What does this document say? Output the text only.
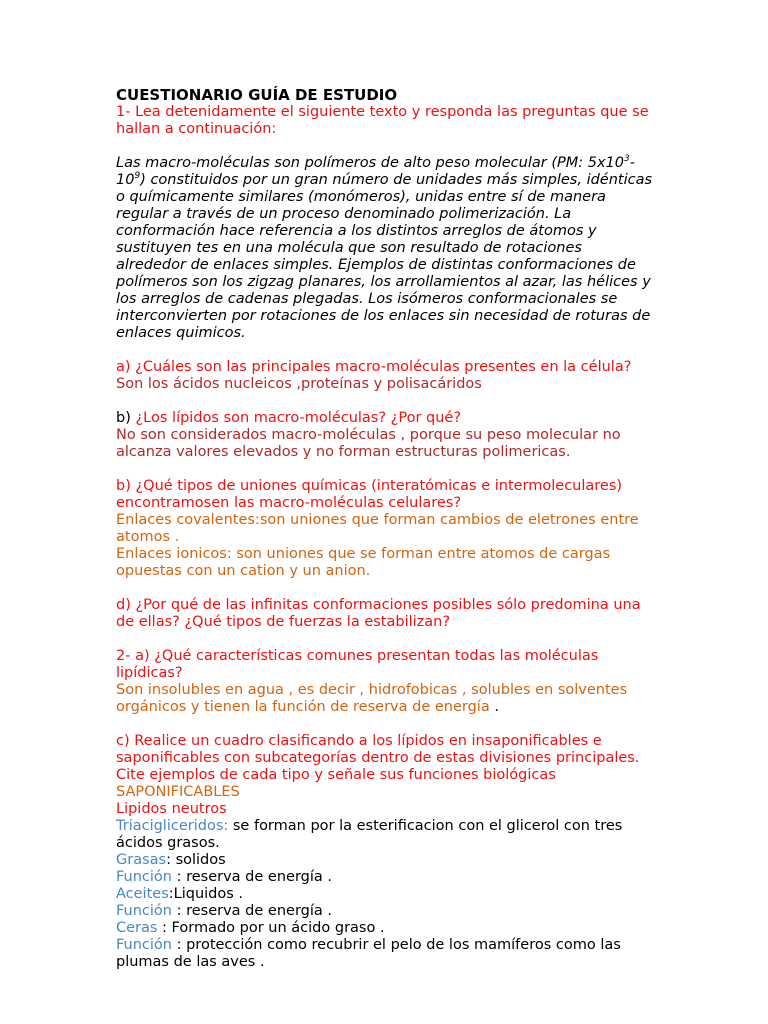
CUESTIONARIO GUÍA DE ESTUDIO

1- Lea detenidamente el siguiente texto y responda las preguntas que se hallan a continuación:

Las macro-moléculas son polímeros de alto peso molecular (PM: $5x10^3-10^9$) constituidos por un gran número de unidades más simples, idénticas o químicamente similares (monómeros), unidas entre sí de manera regular a través de un proceso denominado polimerización. La conformación hace referencia a los distintos arreglos de átomos y sustituyen tes en una molécula que son resultado de rotaciones alrededor de enlaces simples. Ejemplos de distintas conformaciones de polímeros son los zigzag planares, los arrollamientos al azar, las hélices y los arreglos de cadenas plegadas. Los isómeros conformacionales se interconvierten por rotaciones de los enlaces sin necesidad de roturas de enlaces quimicos.

a) ¿Cuáles son las principales macro-moléculas presentes en la célula?

Son los ácidos nucleicos ,proteínas y polisacáridos

b) ¿Los lípidos son macro-moléculas? ¿Por qué?

No son considerados macro-moléculas , porque su peso molecular no alcanza valores elevados y no forman estructuras polimericas.

b) ¿Qué tipos de uniones químicas (interatómicas e intermoleculares) encontramosen las macro-moléculas celulares?

Enlaces covalentes:son uniones que forman cambios de eletrones entre atomos .

Enlaces ionicos: son uniones que se forman entre atomos de cargas opuestas con un cation y un anion.

d) ¿Por qué de las infinitas conformaciones posibles sólo predomina una de ellas? ¿Qué tipos de fuerzas la estabilizan?

2- a) ¿Qué características comunes presentan todas las moléculas lipídicas?

Son insolubles en agua , es decir , hidrofobicas , solubles en solventes orgánicos y tienen la función de reserva de energía .

c) Realice un cuadro clasificando a los lípidos en insaponificables e saponificables con subcategorías dentro de estas divisiones principales. Cite ejemplos de cada tipo y señale sus funciones biológicas

SAPONIFICABLES

Lipidos neutros

Triacigliceridos: se forman por la esterificacion con el glicerol con tres ácidos grasos.

Grasas: solidos

Función : reserva de energía .

Aceites:Liquidos .

Función : reserva de energía .

Ceras : Formado por un ácido graso .

Función : protección como recubrir el pelo de los mamíferos como las plumas de las aves .
